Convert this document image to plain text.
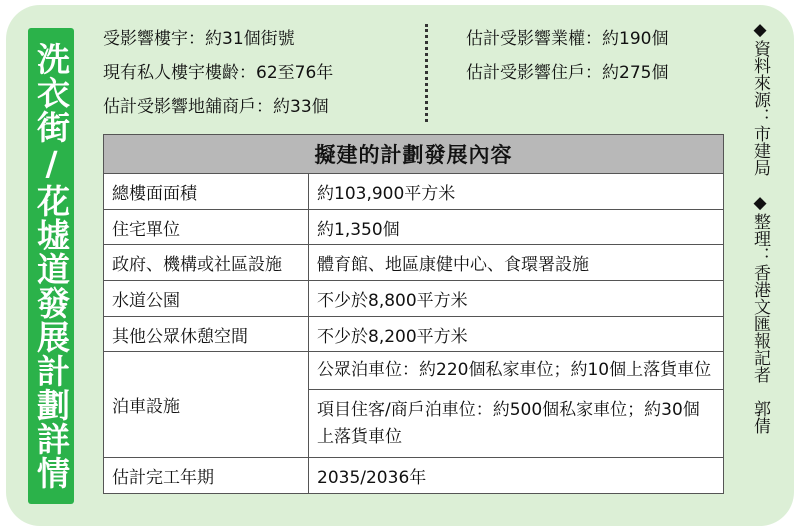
洗衣街/花墟道發展計劃詳情
受影響樓宇：約31個街號
現有私人樓宇樓齡：62至76年
估計受影響地舖商戶：約33個
估計受影響業權：約190個
估計受影響住戶：約275個
擬建的計劃發展內容	
總樓面面積	約103,900平方米
住宅單位	約1,350個
政府、機構或社區設施	體育館、地區康健中心、食環署設施
水道公園	不少於8,800平方米
其他公眾休憩空間	不少於8,200平方米
泊車設施	公眾泊車位：約220個私家車位；約10個上落貨車位
	項目住客/商戶泊車位：約500個私家車位；約30個上落貨車位
估計完工年期	2035/2036年
◆資料來源：市建局　◆整理：香港文匯報記者　郭倩
